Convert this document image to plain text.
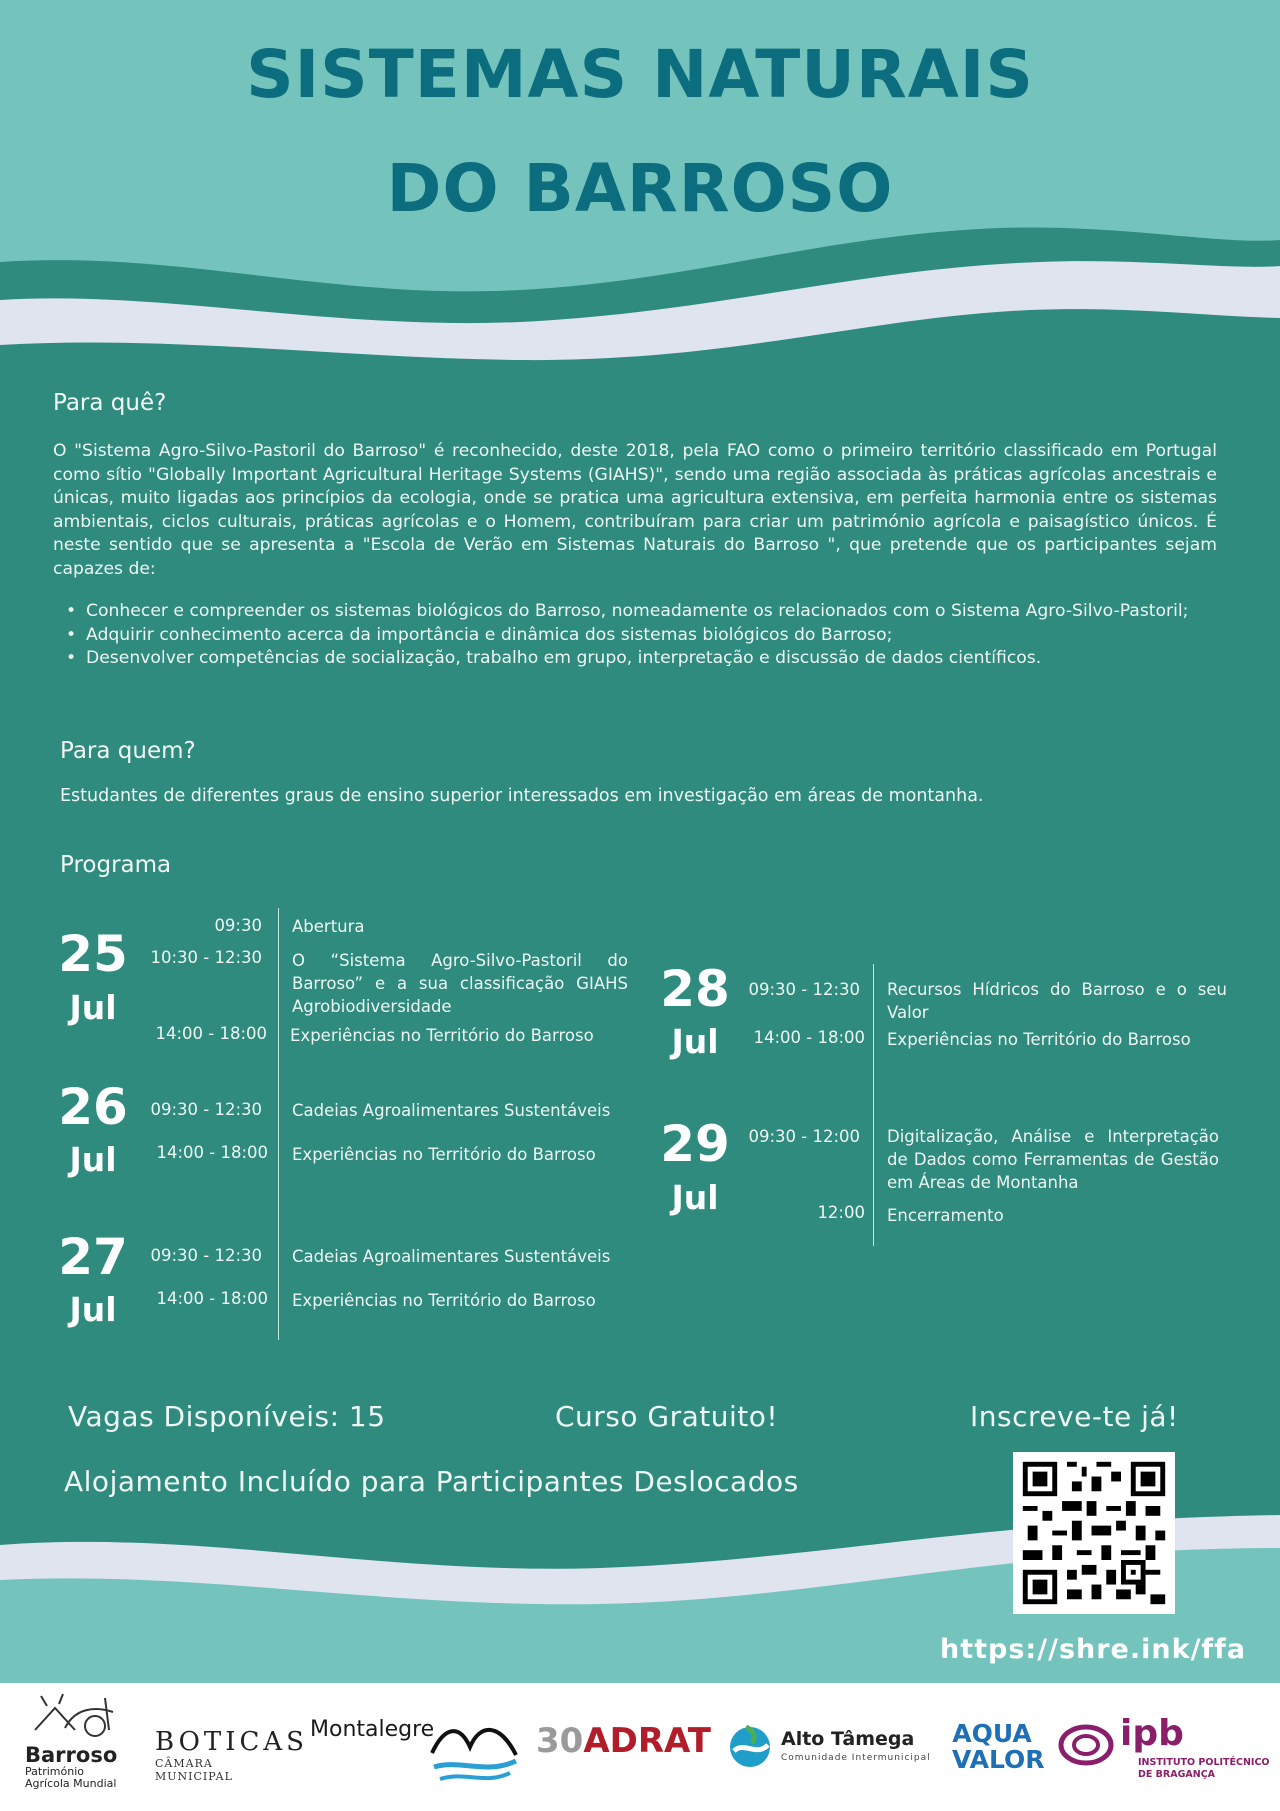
SISTEMAS NATURAIS
DO BARROSO
Para quê?

O "Sistema Agro-Silvo-Pastoril do Barroso" é reconhecido, deste 2018, pela FAO como o primeiro território classificado em Portugal como sítio "Globally Important Agricultural Heritage Systems (GIAHS)", sendo uma região associada às práticas agrícolas ancestrais e únicas, muito ligadas aos princípios da ecologia, onde se pratica uma agricultura extensiva, em perfeita harmonia entre os sistemas ambientais, ciclos culturais, práticas agrícolas e o Homem, contribuíram para criar um património agrícola e paisagístico únicos. É neste sentido que se apresenta a "Escola de Verão em Sistemas Naturais do Barroso ", que pretende que os participantes sejam capazes de:

• Conhecer e compreender os sistemas biológicos do Barroso, nomeadamente os relacionados com o Sistema Agro-Silvo-Pastoril;
• Adquirir conhecimento acerca da importância e dinâmica dos sistemas biológicos do Barroso;
• Desenvolver competências de socialização, trabalho em grupo, interpretação e discussão de dados científicos.
Para quem?

Estudantes de diferentes graus de ensino superior interessados em investigação em áreas de montanha.

Programa
25
Jul
09:30 Abertura
10:30 - 12:30 O “Sistema Agro-Silvo-Pastoril do Barroso” e a sua classificação GIAHS Agrobiodiversidade
14:00 - 18:00 Experiências no Território do Barroso
26
Jul
09:30 - 12:30 Cadeias Agroalimentares Sustentáveis
14:00 - 18:00 Experiências no Território do Barroso
27
Jul
09:30 - 12:30 Cadeias Agroalimentares Sustentáveis
14:00 - 18:00 Experiências no Território do Barroso
28
Jul
09:30 - 12:30 Recursos Hídricos do Barroso e o seu Valor
14:00 - 18:00 Experiências no Território do Barroso
29
Jul
09:30 - 12:00 Digitalização, Análise e Interpretação de Dados como Ferramentas de Gestão em Áreas de Montanha
12:00 Encerramento
Vagas Disponíveis: 15	Curso Gratuito!	Inscreve-te já!
Alojamento Incluído para Participantes Deslocados
https://shre.ink/ffa
Barroso
Património
Agrícola Mundial
BOTICAS
CÂMARA MUNICIPAL
Montalegre	30ADRAT	Alto Tâmega
Comunidade Intermunicipal
AQUA
VALOR
ipb
INSTITUTO POLITÉCNICO
DE BRAGANÇA
